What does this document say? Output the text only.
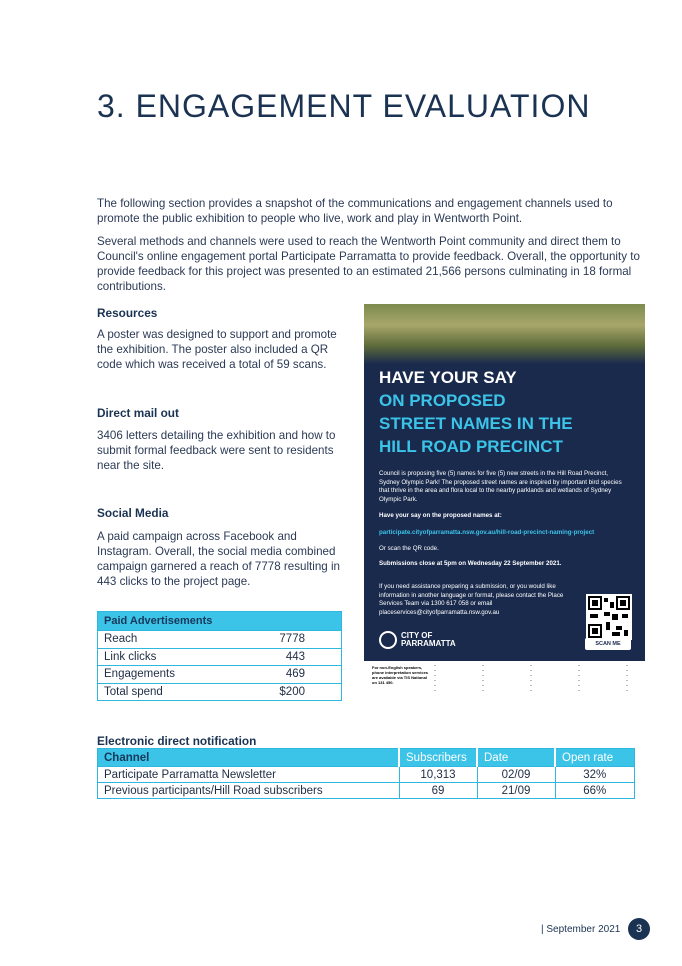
3. ENGAGEMENT EVALUATION

The following section provides a snapshot of the communications and engagement channels used to promote the public exhibition to people who live, work and play in Wentworth Point.

Several methods and channels were used to reach the Wentworth Point community and direct them to Council's online engagement portal Participate Parramatta to provide feedback. Overall, the opportunity to provide feedback for this project was presented to an estimated 21,566 persons culminating in 18 formal contributions.

Resources

A poster was designed to support and promote the exhibition. The poster also included a QR code which was received a total of 59 scans.

Direct mail out

3406 letters detailing the exhibition and how to submit formal feedback were sent to residents near the site.

Social Media

A paid campaign across Facebook and Instagram. Overall, the social media combined campaign garnered a reach of 7778 resulting in 443 clicks to the project page.

Paid Advertisements	
Reach	7778
Link clicks	443
Engagements	469
Total spend	$200
HAVE YOUR SAY
ON PROPOSED
STREET NAMES IN THE
HILL ROAD PRECINCT

Council is proposing five (5) names for five (5) new streets in the Hill Road Precinct, Sydney Olympic Park! The proposed street names are inspired by important bird species that thrive in the area and flora local to the nearby parklands and wetlands of Sydney Olympic Park.

Have your say on the proposed names at:

participate.cityofparramatta.nsw.gov.au/hill-road-precinct-naming-project

Or scan the QR code.

Submissions close at 5pm on Wednesday 22 September 2021.

If you need assistance preparing a submission, or you would like information in another language or format, please contact the Place Services Team via 1300 617 058 or email placeservices@cityofparramatta.nsw.gov.au

CITY OF
PARRAMATTA	SCAN ME

For non-English speakers, phone interpretation services are available via TIS National on 131 450.

Electronic direct notification
Channel	Subscribers	Date	Open rate
Participate Parramatta Newsletter	10,313	02/09	32%
Previous participants/Hill Road subscribers	69	21/09	66%
| September 2021	3
